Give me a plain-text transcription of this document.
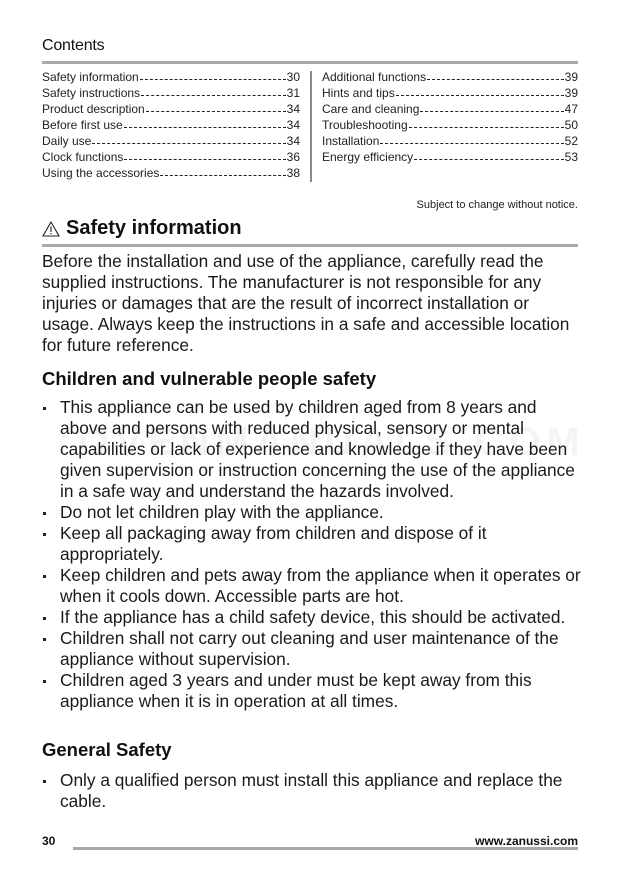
Contents
Safety information	30
Safety instructions	31
Product description	34
Before first use	34
Daily use	34
Clock functions	36
Using the accessories	38
Additional functions	39
Hints and tips	39
Care and cleaning	47
Troubleshooting	50
Installation	52
Energy efficiency	53
Subject to change without notice.
Safety information

Before the installation and use of the appliance, carefully read the supplied instructions. The manufacturer is not responsible for any injuries or damages that are the result of incorrect installation or usage. Always keep the instructions in a safe and accessible location for future reference.

Children and vulnerable people safety
This appliance can be used by children aged from 8 years and above and persons with reduced physical, sensory or mental capabilities or lack of experience and knowledge if they have been given supervision or instruction concerning the use of the appliance in a safe way and understand the hazards involved.
Do not let children play with the appliance.
Keep all packaging away from children and dispose of it appropriately.
Keep children and pets away from the appliance when it operates or when it cools down. Accessible parts are hot.
If the appliance has a child safety device, this should be activated.
Children shall not carry out cleaning and user maintenance of the appliance without supervision.
Children aged 3 years and under must be kept away from this appliance when it is in operation at all times.
General Safety
Only a qualified person must install this appliance and replace the cable.
30	www.zanussi.com
